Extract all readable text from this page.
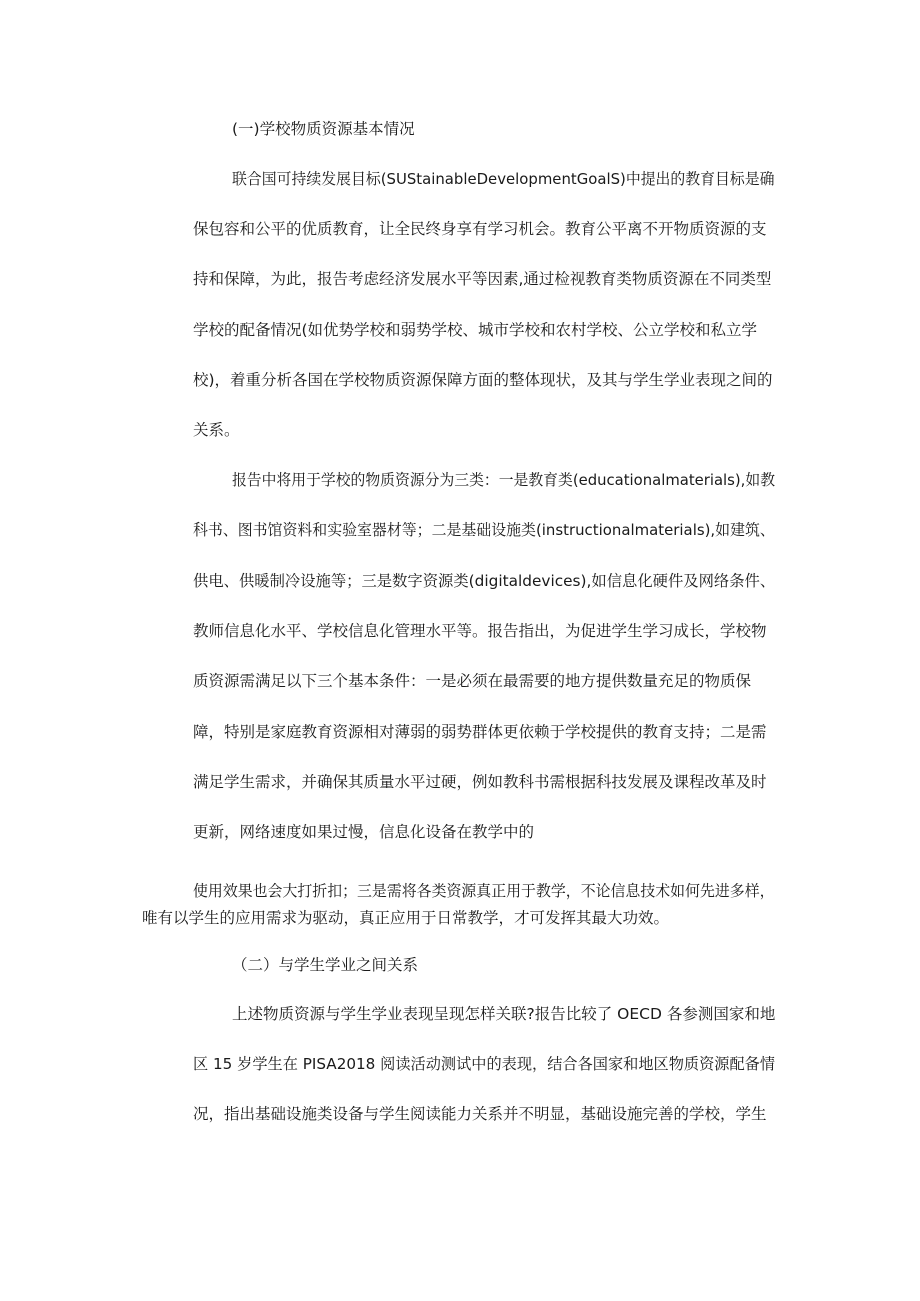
(一)学校物质资源基本情况

联合国可持续发展目标(SUStainableDevelopmentGoalS)中提出的教育目标是确

保包容和公平的优质教育，让全民终身享有学习机会。教育公平离不开物质资源的支

持和保障，为此，报告考虑经济发展水平等因素,通过检视教育类物质资源在不同类型

学校的配备情况(如优势学校和弱势学校、城市学校和农村学校、公立学校和私立学

校)，着重分析各国在学校物质资源保障方面的整体现状，及其与学生学业表现之间的

关系。

报告中将用于学校的物质资源分为三类：一是教育类(educationalmaterials),如教

科书、图书馆资料和实验室器材等；二是基础设施类(instructionalmaterials),如建筑、

供电、供暖制冷设施等；三是数字资源类(digitaldevices),如信息化硬件及网络条件、

教师信息化水平、学校信息化管理水平等。报告指出，为促进学生学习成长，学校物

质资源需满足以下三个基本条件：一是必须在最需要的地方提供数量充足的物质保

障，特别是家庭教育资源相对薄弱的弱势群体更依赖于学校提供的教育支持；二是需

满足学生需求，并确保其质量水平过硬，例如教科书需根据科技发展及课程改革及时

更新，网络速度如果过慢，信息化设备在教学中的

使用效果也会大打折扣；三是需将各类资源真正用于教学，不论信息技术如何先进多样，

唯有以学生的应用需求为驱动，真正应用于日常教学，才可发挥其最大功效。

（二）与学生学业之间关系

上述物质资源与学生学业表现呈现怎样关联?报告比较了 OECD 各参测国家和地

区 15 岁学生在 PISA2018 阅读活动测试中的表现，结合各国家和地区物质资源配备情

况，指出基础设施类设备与学生阅读能力关系并不明显，基础设施完善的学校，学生
